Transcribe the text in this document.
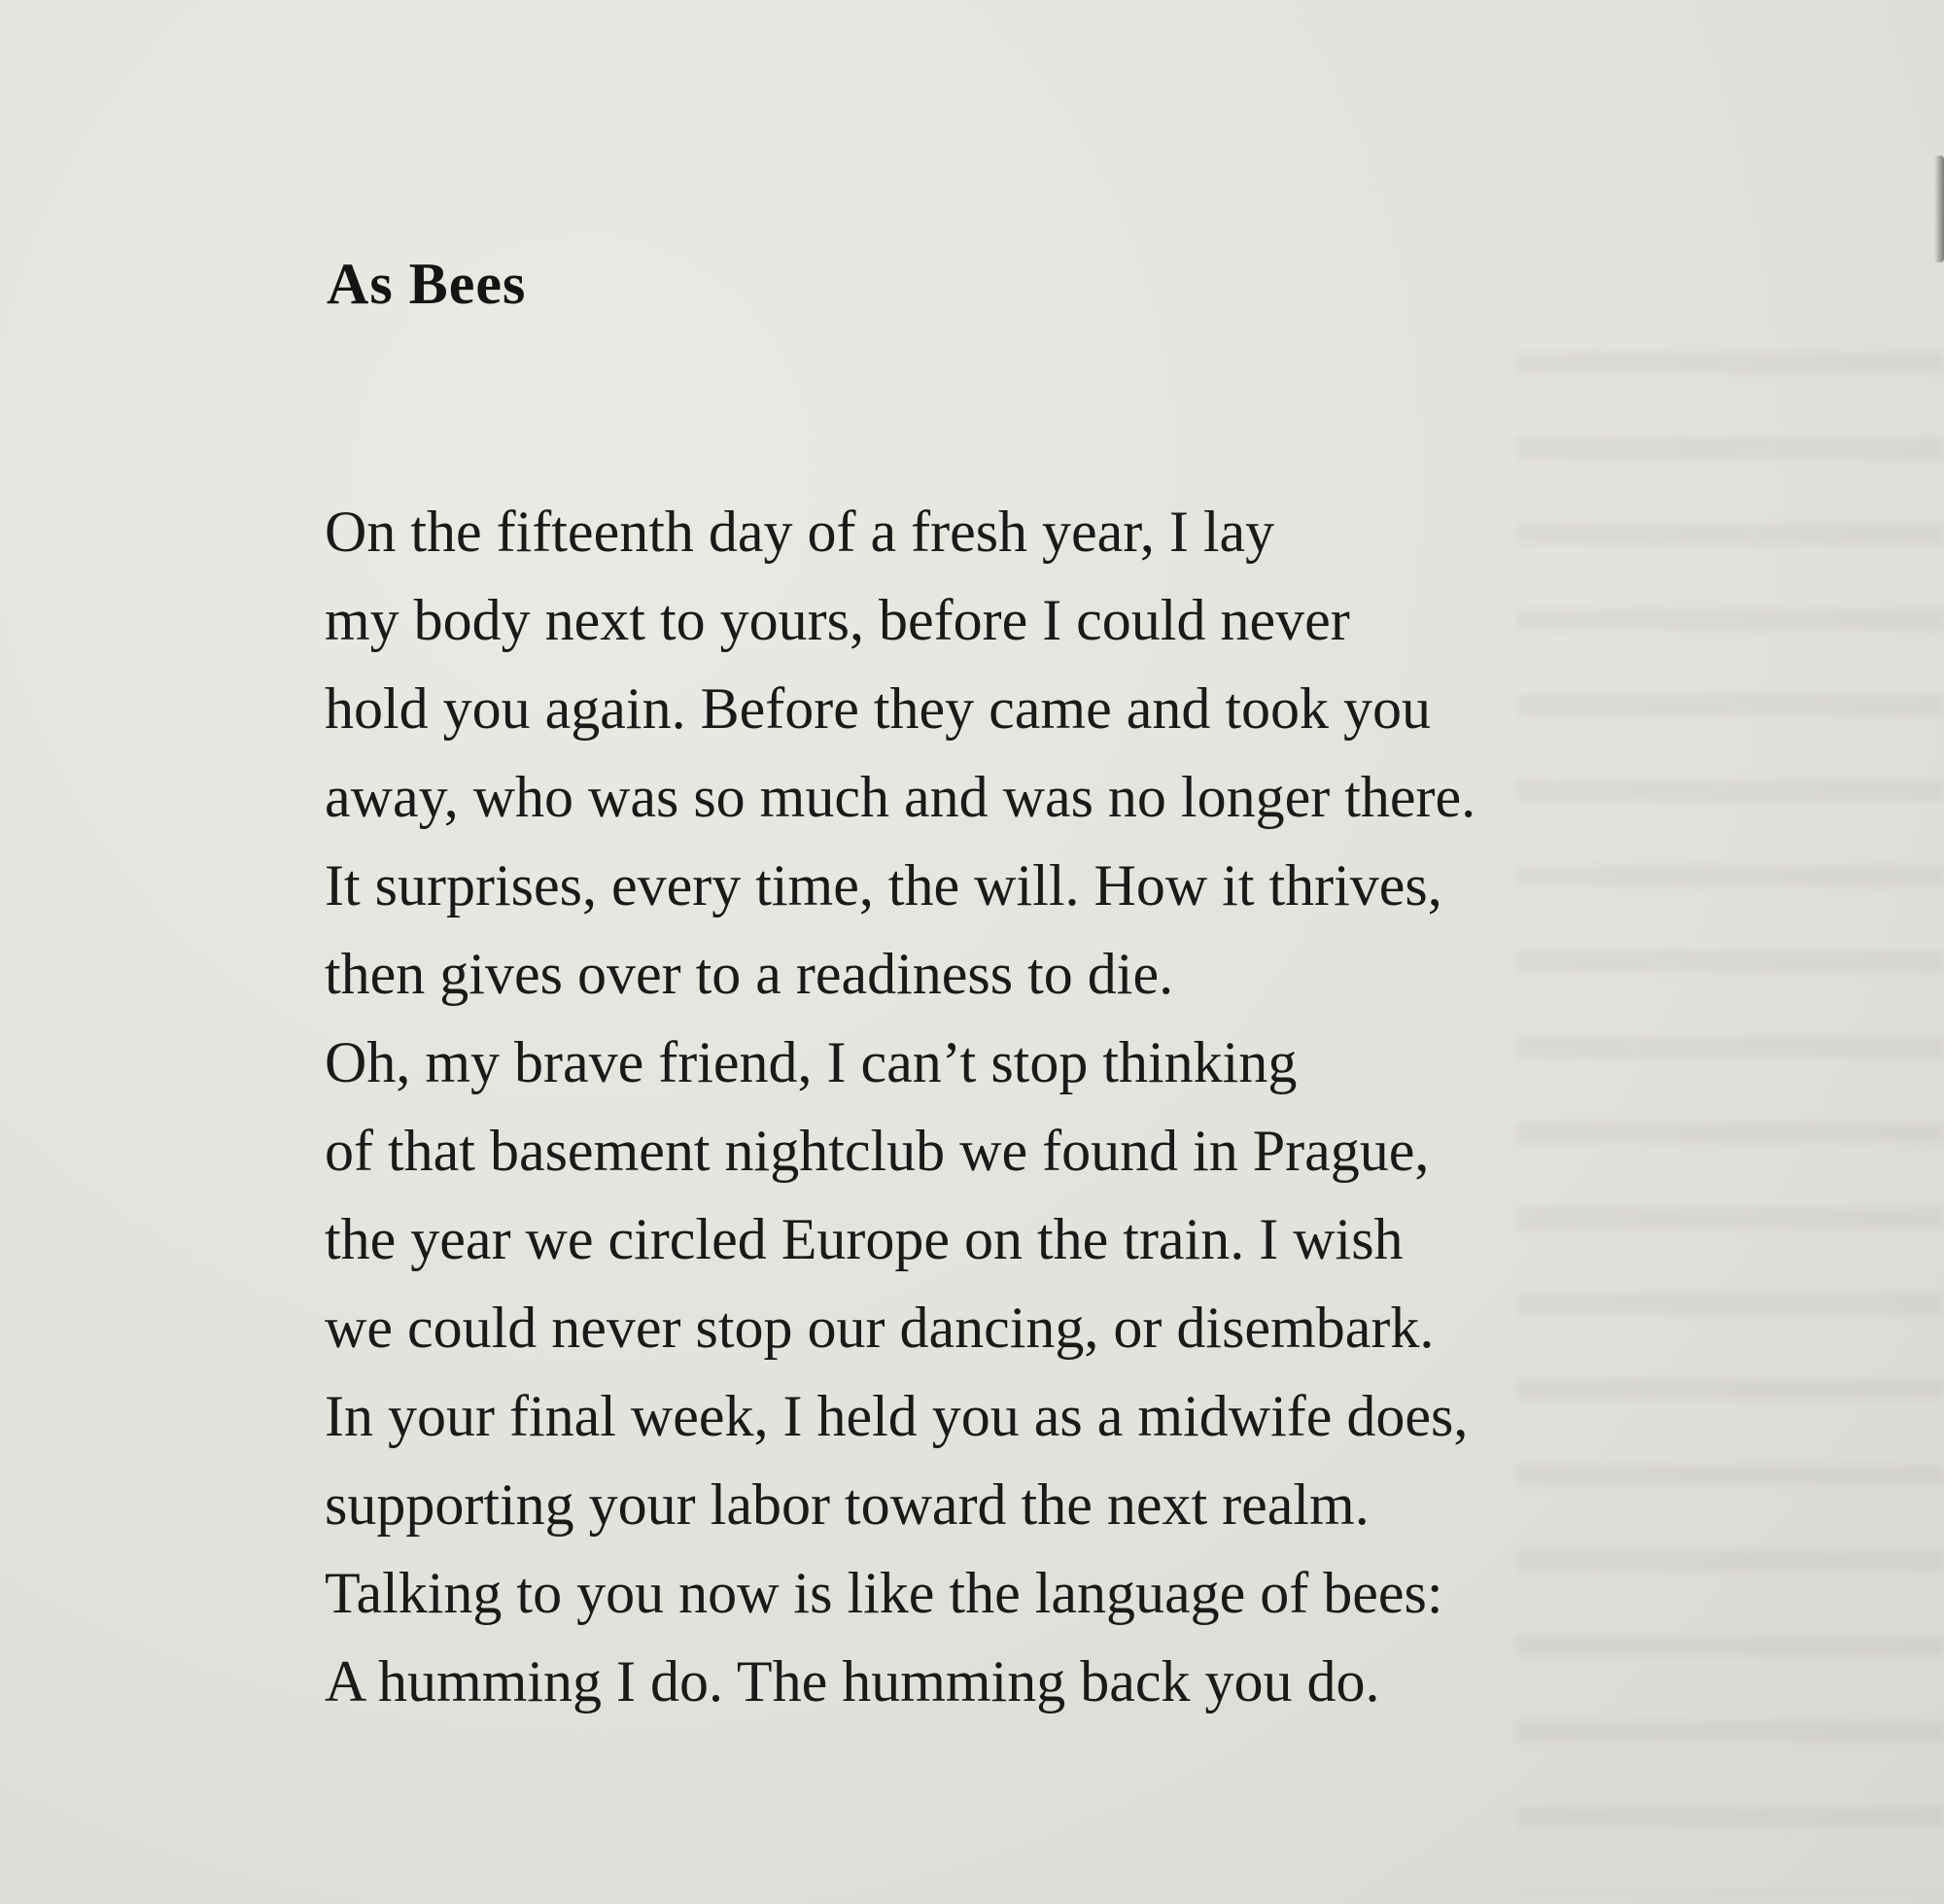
As Bees
On the fifteenth day of a fresh year, I lay
my body next to yours, before I could never
hold you again. Before they came and took you
away, who was so much and was no longer there.
It surprises, every time, the will. How it thrives,
then gives over to a readiness to die.
Oh, my brave friend, I can’t stop thinking
of that basement nightclub we found in Prague,
the year we circled Europe on the train. I wish
we could never stop our dancing, or disembark.
In your final week, I held you as a midwife does,
supporting your labor toward the next realm.
Talking to you now is like the language of bees:
A humming I do. The humming back you do.
